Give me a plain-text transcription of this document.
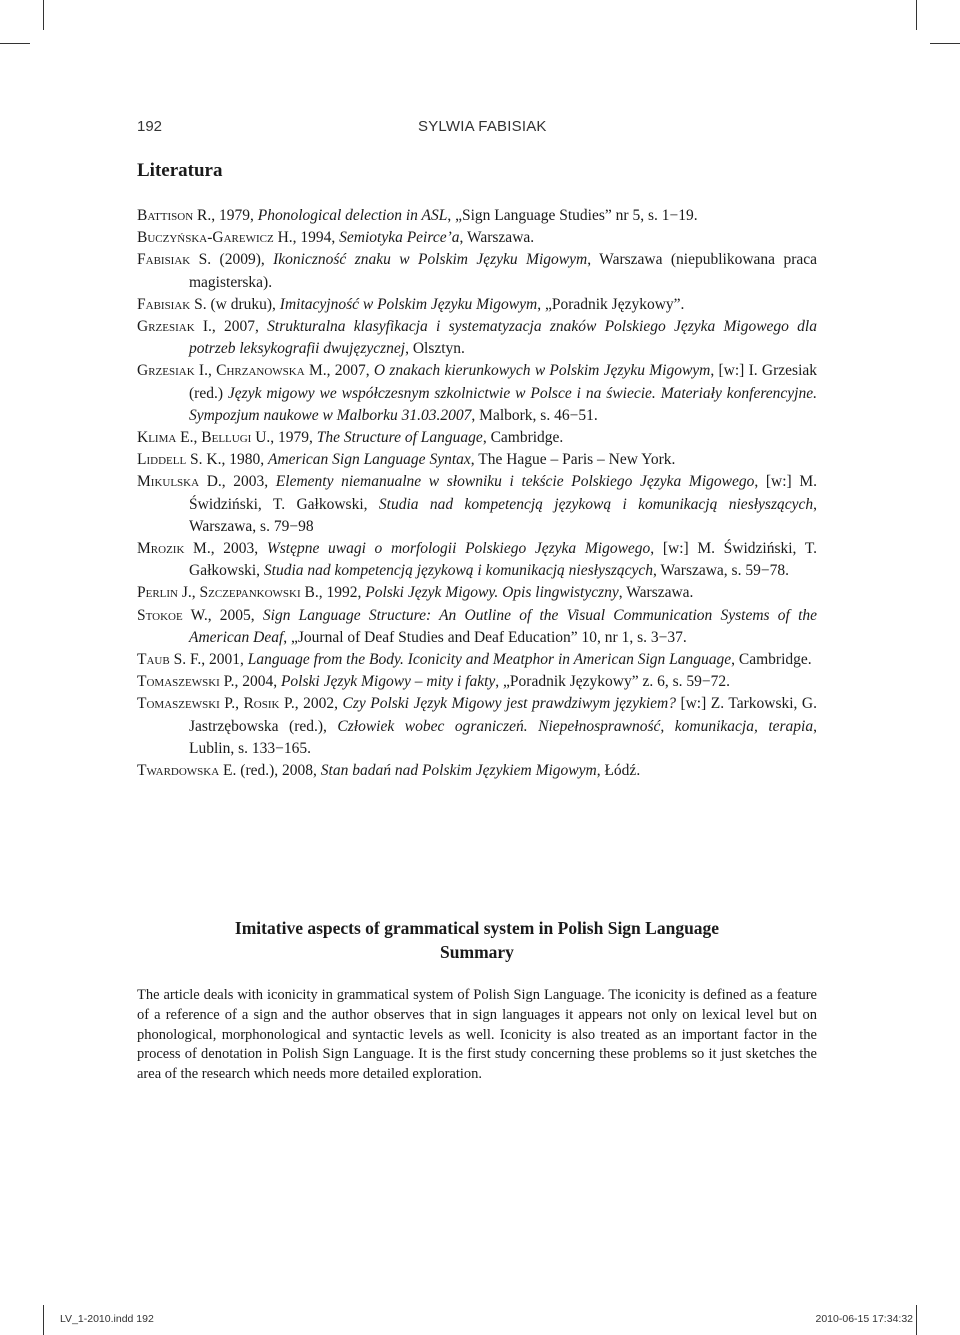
192	SYLWIA FABISIAK
Literatura
Battison R., 1979, Phonological delection in ASL, „Sign Language Studies” nr 5, s. 1−19.
Buczyńska-Garewicz H., 1994, Semiotyka Peirce’a, Warszawa.
Fabisiak S. (2009), Ikoniczność znaku w Polskim Języku Migowym, Warszawa (niepublikowana praca magisterska).
Fabisiak S. (w druku), Imitacyjność w Polskim Języku Migowym, „Poradnik Językowy”.
Grzesiak I., 2007, Strukturalna klasyfikacja i systematyzacja znaków Polskiego Języka Migowego dla potrzeb leksykografii dwujęzycznej, Olsztyn.
Grzesiak I., Chrzanowska M., 2007, O znakach kierunkowych w Polskim Języku Migowym, [w:] I. Grzesiak (red.) Język migowy we współczesnym szkolnictwie w Polsce i na świecie. Materiały konferencyjne. Sympozjum naukowe w Malborku 31.03.2007, Malbork, s. 46−51.
Klima E., Bellugi U., 1979, The Structure of Language, Cambridge.
Liddell S. K., 1980, American Sign Language Syntax, The Hague – Paris – New York.
Mikulska D., 2003, Elementy niemanualne w słowniku i tekście Polskiego Języka Migowego, [w:] M. Świdziński, T. Gałkowski, Studia nad kompetencją językową i komunikacją niesłyszących, Warszawa, s. 79−98
Mrozik M., 2003, Wstępne uwagi o morfologii Polskiego Języka Migowego, [w:] M. Świdziński, T. Gałkowski, Studia nad kompetencją językową i komunikacją niesłyszących, Warszawa, s. 59−78.
Perlin J., Szczepankowski B., 1992, Polski Język Migowy. Opis lingwistyczny, Warszawa.
Stokoe W., 2005, Sign Language Structure: An Outline of the Visual Communication Systems of the American Deaf, „Journal of Deaf Studies and Deaf Education” 10, nr 1, s. 3−37.
Taub S. F., 2001, Language from the Body. Iconicity and Meatphor in American Sign Language, Cambridge.
Tomaszewski P., 2004, Polski Język Migowy – mity i fakty, „Poradnik Językowy” z. 6, s. 59−72.
Tomaszewski P., Rosik P., 2002, Czy Polski Język Migowy jest prawdziwym językiem? [w:] Z. Tarkowski, G. Jastrzębowska (red.), Człowiek wobec ograniczeń. Niepełnosprawność, komunikacja, terapia, Lublin, s. 133−165.
Twardowska E. (red.), 2008, Stan badań nad Polskim Językiem Migowym, Łódź.

Imitative aspects of grammatical system in Polish Sign Language

Summary

The article deals with iconicity in grammatical system of Polish Sign Language. The iconicity is defined as a feature of a reference of a sign and the author observes that in sign languages it appears not only on lexical level but on phonological, morphonological and syntactic levels as well. Iconicity is also treated as an important factor in the process of denotation in Polish Sign Language. It is the first study concerning these problems so it just sketches the area of the research which needs more detailed exploration.

LV_1-2010.indd 192	2010-06-15 17:34:32
